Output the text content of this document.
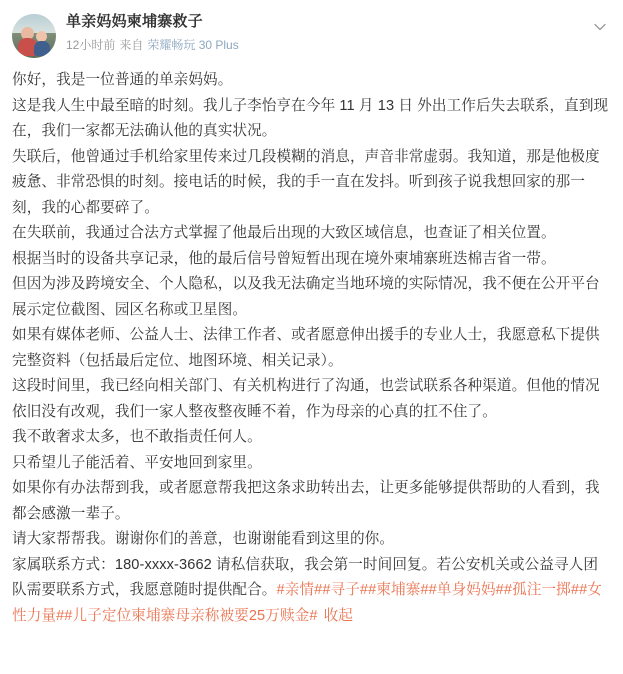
单亲妈妈柬埔寨救子
12小时前 来自 荣耀畅玩 30 Plus

你好，我是一位普通的单亲妈妈。

这是我人生中最至暗的时刻。我儿子李怡亨在今年 11 月 13 日 外出工作后失去联系，直到现在，我们一家都无法确认他的真实状况。

失联后，他曾通过手机给家里传来过几段模糊的消息，声音非常虚弱。我知道，那是他极度疲惫、非常恐惧的时刻。接电话的时候，我的手一直在发抖。听到孩子说我想回家的那一刻，我的心都要碎了。

在失联前，我通过合法方式掌握了他最后出现的大致区域信息，也查证了相关位置。

根据当时的设备共享记录，他的最后信号曾短暂出现在境外柬埔寨班迭棉吉省一带。

但因为涉及跨境安全、个人隐私，以及我无法确定当地环境的实际情况，我不便在公开平台展示定位截图、园区名称或卫星图。

如果有媒体老师、公益人士、法律工作者、或者愿意伸出援手的专业人士，我愿意私下提供完整资料（包括最后定位、地图环境、相关记录）。

这段时间里，我已经向相关部门、有关机构进行了沟通，也尝试联系各种渠道。但他的情况依旧没有改观，我们一家人整夜整夜睡不着，作为母亲的心真的扛不住了。

我不敢奢求太多，也不敢指责任何人。

只希望儿子能活着、平安地回到家里。

如果你有办法帮到我，或者愿意帮我把这条求助转出去，让更多能够提供帮助的人看到，我都会感激一辈子。

请大家帮帮我。谢谢你们的善意，也谢谢能看到这里的你。

家属联系方式：180-xxxx-3662 请私信获取，我会第一时间回复。若公安机关或公益寻人团队需要联系方式，我愿意随时提供配合。#亲情##寻子##柬埔寨##单身妈妈##孤注一掷##女性力量##儿子定位柬埔寨母亲称被要25万赎金# 收起
